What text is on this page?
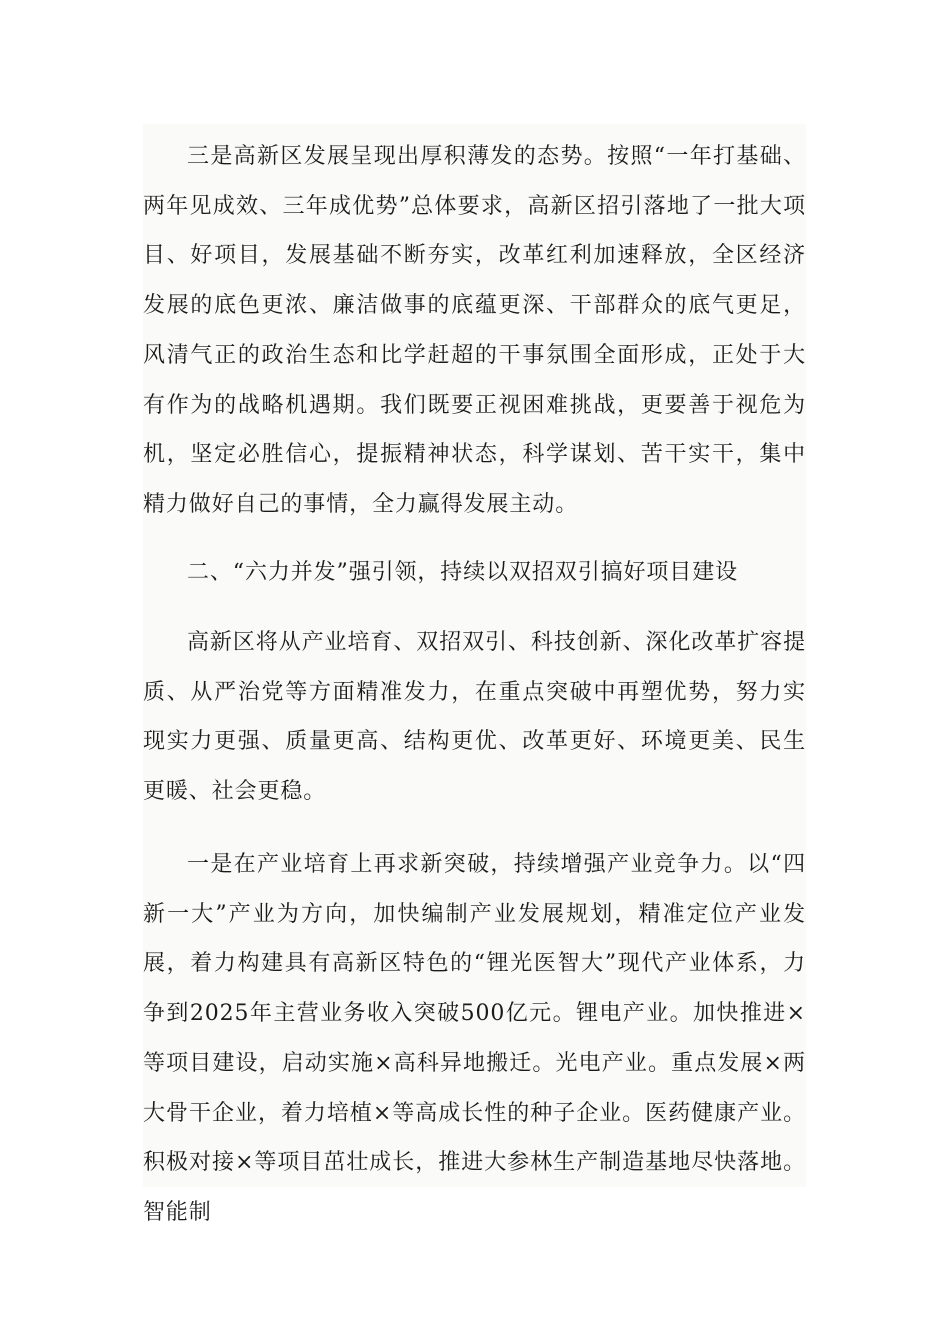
三是高新区发展呈现出厚积薄发的态势。按照“一年打基础、两年见成效、三年成优势”总体要求，高新区招引落地了一批大项目、好项目，发展基础不断夯实，改革红利加速释放，全区经济发展的底色更浓、廉洁做事的底蕴更深、干部群众的底气更足，风清气正的政治生态和比学赶超的干事氛围全面形成，正处于大有作为的战略机遇期。我们既要正视困难挑战，更要善于视危为机，坚定必胜信心，提振精神状态，科学谋划、苦干实干，集中精力做好自己的事情，全力赢得发展主动。

二、“六力并发”强引领，持续以双招双引搞好项目建设

高新区将从产业培育、双招双引、科技创新、深化改革扩容提质、从严治党等方面精准发力，在重点突破中再塑优势，努力实现实力更强、质量更高、结构更优、改革更好、环境更美、民生更暖、社会更稳。

一是在产业培育上再求新突破，持续增强产业竞争力。以“四新一大”产业为方向，加快编制产业发展规划，精准定位产业发展，着力构建具有高新区特色的“锂光医智大”现代产业体系，力争到2025年主营业务收入突破500亿元。锂电产业。加快推进×等项目建设，启动实施×高科异地搬迁。光电产业。重点发展×两大骨干企业，着力培植×等高成长性的种子企业。医药健康产业。积极对接×等项目茁壮成长，推进大参林生产制造基地尽快落地。智能制
